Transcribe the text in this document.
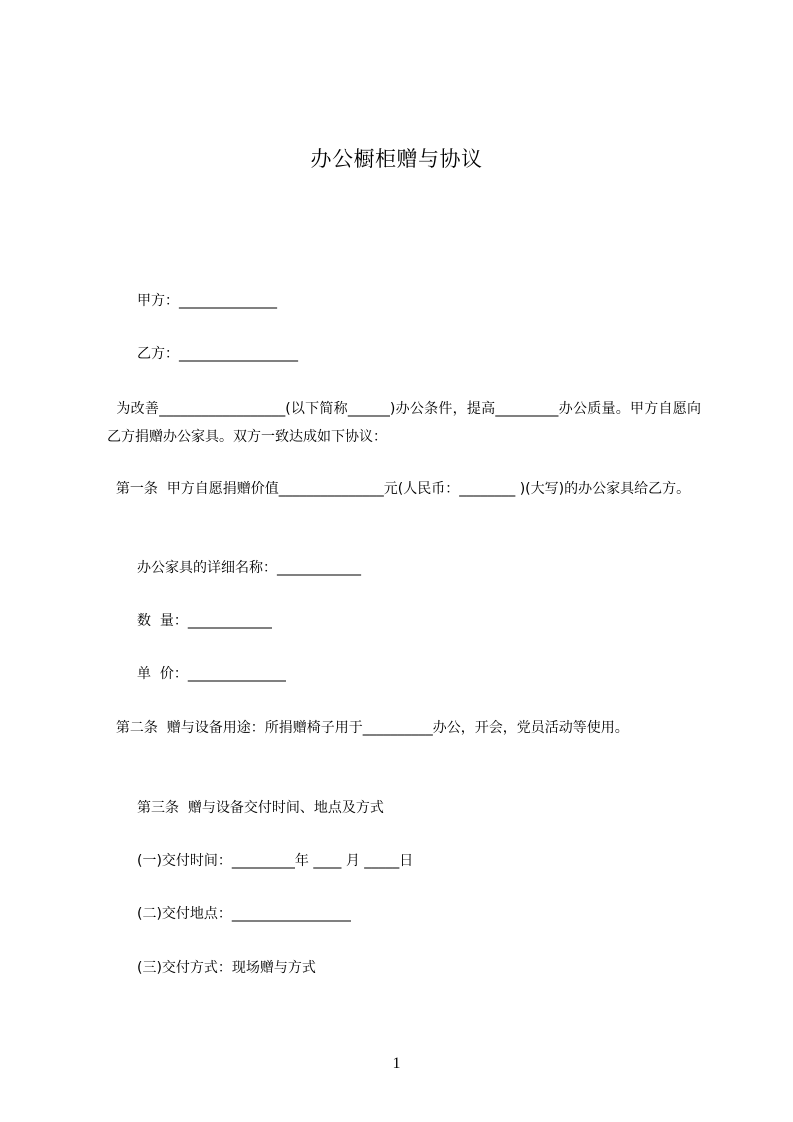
办公橱柜赠与协议
甲方：______________
乙方：_________________
为改善__________________(以下简称______)办公条件，提高_________办公质量。甲方自愿向乙方捐赠办公家具。双方一致达成如下协议：
第一条  甲方自愿捐赠价值_______________元(人民币：________ )(大写)的办公家具给乙方。
办公家具的详细名称：____________
数  量：____________
单  价：______________
第二条  赠与设备用途：所捐赠椅子用于__________办公，开会，党员活动等使用。
第三条  赠与设备交付时间、地点及方式
(一)交付时间：_________年 ____ 月 _____日
(二)交付地点：_________________
(三)交付方式：现场赠与方式
1
